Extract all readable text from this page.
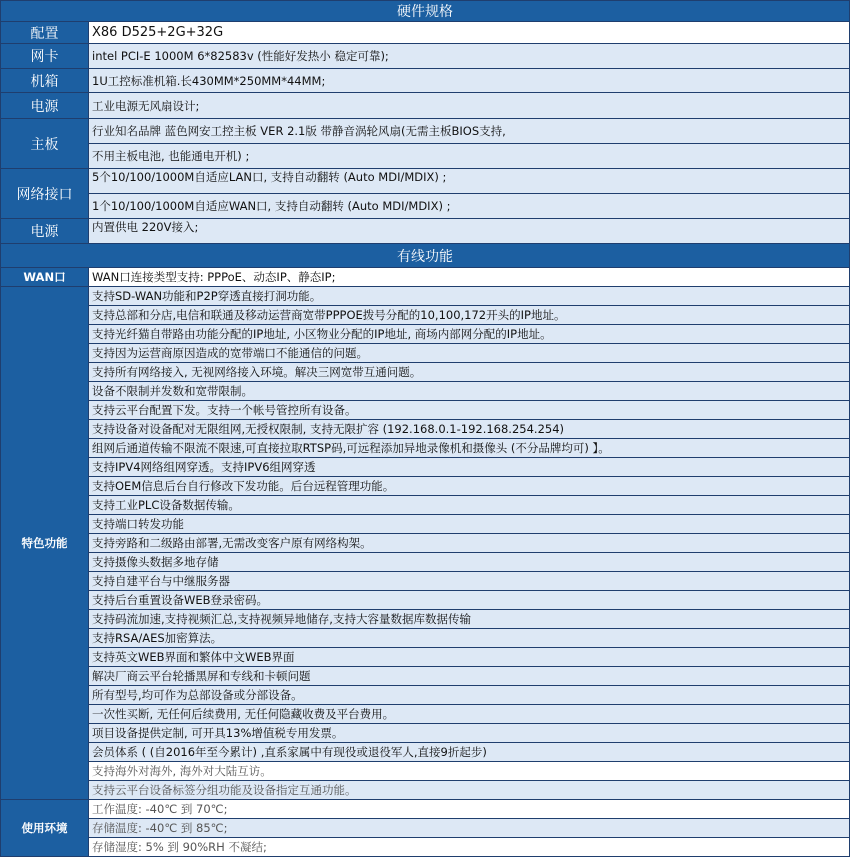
硬件规格	
配置	X86 D525+2G+32G
网卡	intel PCI-E 1000M 6*82583v (性能好发热小 稳定可靠);
机箱	1U工控标准机箱.长430MM*250MM*44MM;
电源	工业电源无风扇设计;
主板	行业知名品牌 蓝色网安工控主板 VER 2.1版 带静音涡轮风扇(无需主板BIOS支持,
	不用主板电池, 也能通电开机) ;
网络接口	5个10/100/1000M自适应LAN口, 支持自动翻转 (Auto MDI/MDIX) ;
	1个10/100/1000M自适应WAN口, 支持自动翻转 (Auto MDI/MDIX) ;
电源	内置供电 220V接入;
有线功能	
WAN口	WAN口连接类型支持: PPPoE、动态IP、静态IP;
特色功能	支持SD-WAN功能和P2P穿透直接打洞功能。
	支持总部和分店,电信和联通及移动运营商宽带PPPOE拨号分配的10,100,172开头的IP地址。
	支持光纤猫自带路由功能分配的IP地址, 小区物业分配的IP地址, 商场内部网分配的IP地址。
	支持因为运营商原因造成的宽带端口不能通信的问题。
	支持所有网络接入, 无视网络接入环境。解决三网宽带互通问题。
	设备不限制并发数和宽带限制。
	支持云平台配置下发。支持一个帐号管控所有设备。
	支持设备对设备配对无限组网,无授权限制, 支持无限扩容 (192.168.0.1-192.168.254.254)
	组网后通道传输不限流不限速,可直接拉取RTSP码,可远程添加异地录像机和摄像头 (不分品牌均可) 】。
	支持IPV4网络组网穿透。支持IPV6组网穿透
	支持OEM信息后台自行修改下发功能。后台远程管理功能。
	支持工业PLC设备数据传输。
	支持端口转发功能
	支持旁路和二级路由部署,无需改变客户原有网络构架。
	支持摄像头数据多地存储
	支持自建平台与中继服务器
	支持后台重置设备WEB登录密码。
	支持码流加速,支持视频汇总,支持视频异地储存,支持大容量数据库数据传输
	支持RSA/AES加密算法。
	支持英文WEB界面和繁体中文WEB界面
	解决厂商云平台轮播黑屏和专线和卡顿问题
	所有型号,均可作为总部设备或分部设备。
	一次性买断, 无任何后续费用, 无任何隐藏收费及平台费用。
	项目设备提供定制, 可开具13%增值税专用发票。
	会员体系 ( (自2016年至今累计) ,直系家属中有现役或退役军人,直接9折起步)
	支持海外对海外, 海外对大陆互访。
	支持云平台设备标签分组功能及设备指定互通功能。
使用环境	工作温度: -40℃ 到 70℃;
	存储温度: -40℃ 到 85℃;
	存储湿度: 5% 到 90%RH 不凝结;
